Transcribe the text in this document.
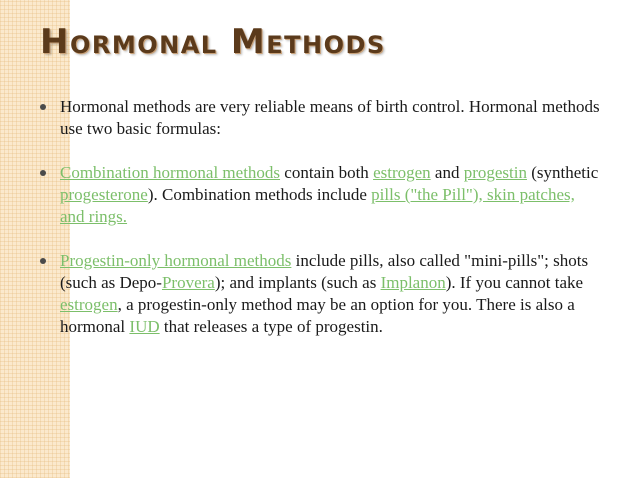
Hormonal Methods
Hormonal methods are very reliable means of birth control. Hormonal methods use two basic formulas:
Combination hormonal methods contain both estrogen and progestin (synthetic progesterone). Combination methods include pills ("the Pill"), skin patches, and rings.
Progestin-only hormonal methods include pills, also called "mini-pills"; shots (such as Depo-Provera); and implants (such as Implanon). If you cannot take estrogen, a progestin-only method may be an option for you. There is also a hormonal IUD that releases a type of progestin.
